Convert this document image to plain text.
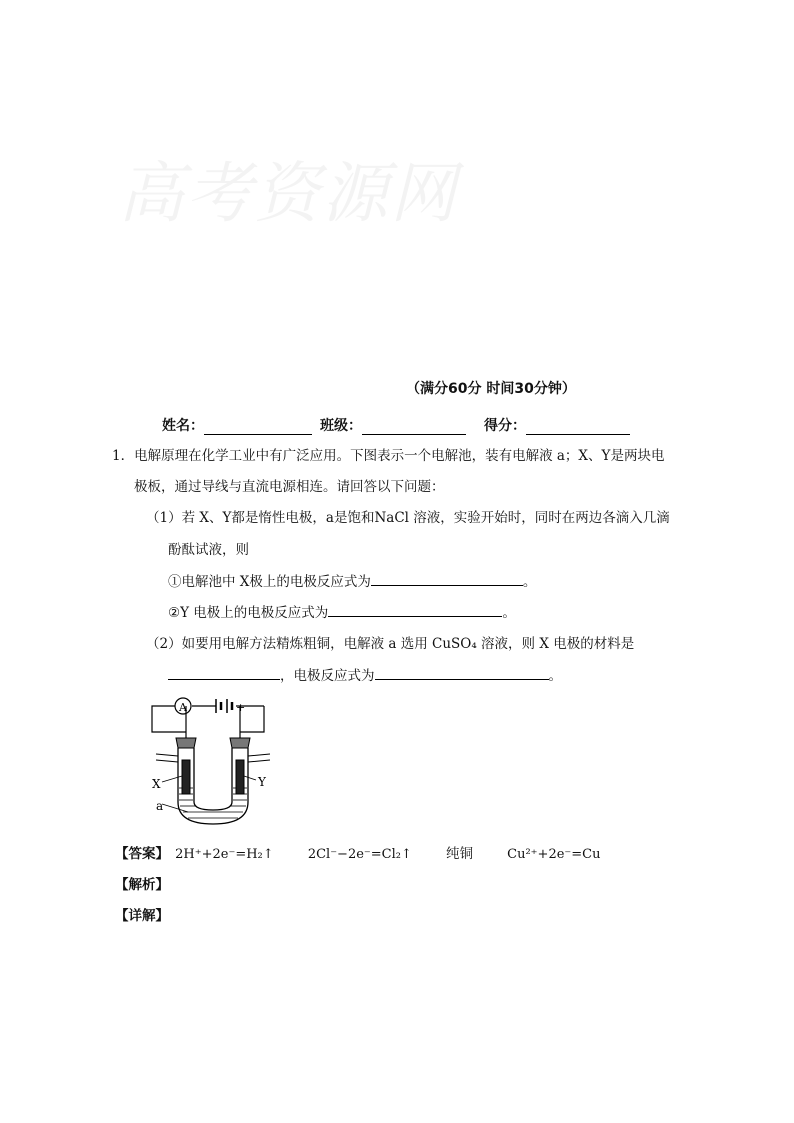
高考资源网
（满分60分 时间30分钟）
姓名：	班级：	得分：
1．电解原理在化学工业中有广泛应用。下图表示一个电解池，装有电解液 a；X、Y是两块电
极板，通过导线与直流电源相连。请回答以下问题：
（1）若 X、Y都是惰性电极，a是饱和NaCl 溶液，实验开始时，同时在两边各滴入几滴
酚酞试液，则
①电解池中 X极上的电极反应式为	。
②Y 电极上的电极反应式为	。
（2）如要用电解方法精炼粗铜，电解液 a 选用 CuSO₄ 溶液，则 X 电极的材料是
，电极反应式为	。
A	+
X	Y
a
【答案】 2H⁺+2e⁻=H₂↑	2Cl⁻−2e⁻=Cl₂↑	纯铜	Cu²⁺+2e⁻=Cu
【解析】
【详解】
